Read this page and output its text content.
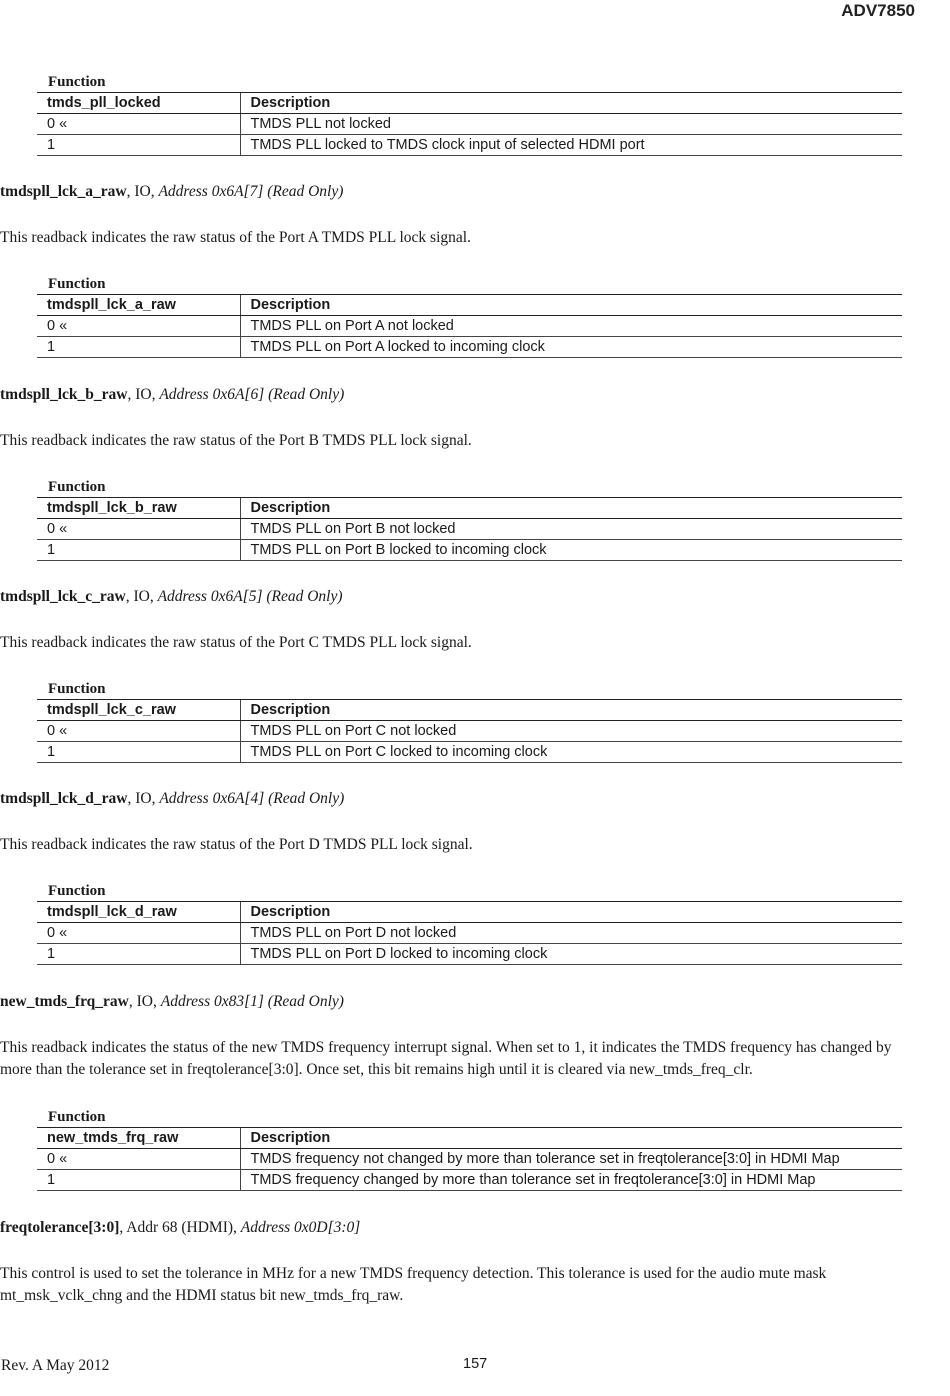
ADV7850
Function
tmds_pll_locked	Description
0 «	TMDS PLL not locked
1	TMDS PLL locked to TMDS clock input of selected HDMI port
tmdspll_lck_a_raw, IO, Address 0x6A[7] (Read Only)
This readback indicates the raw status of the Port A TMDS PLL lock signal.
Function
tmdspll_lck_a_raw	Description
0 «	TMDS PLL on Port A not locked
1	TMDS PLL on Port A locked to incoming clock
tmdspll_lck_b_raw, IO, Address 0x6A[6] (Read Only)
This readback indicates the raw status of the Port B TMDS PLL lock signal.
Function
tmdspll_lck_b_raw	Description
0 «	TMDS PLL on Port B not locked
1	TMDS PLL on Port B locked to incoming clock
tmdspll_lck_c_raw, IO, Address 0x6A[5] (Read Only)
This readback indicates the raw status of the Port C TMDS PLL lock signal.
Function
tmdspll_lck_c_raw	Description
0 «	TMDS PLL on Port C not locked
1	TMDS PLL on Port C locked to incoming clock
tmdspll_lck_d_raw, IO, Address 0x6A[4] (Read Only)
This readback indicates the raw status of the Port D TMDS PLL lock signal.
Function
tmdspll_lck_d_raw	Description
0 «	TMDS PLL on Port D not locked
1	TMDS PLL on Port D locked to incoming clock
new_tmds_frq_raw, IO, Address 0x83[1] (Read Only)
This readback indicates the status of the new TMDS frequency interrupt signal. When set to 1, it indicates the TMDS frequency has changed by more than the tolerance set in freqtolerance[3:0]. Once set, this bit remains high until it is cleared via new_tmds_freq_clr.
Function
new_tmds_frq_raw	Description
0 «	TMDS frequency not changed by more than tolerance set in freqtolerance[3:0] in HDMI Map
1	TMDS frequency changed by more than tolerance set in freqtolerance[3:0] in HDMI Map
freqtolerance[3:0], Addr 68 (HDMI), Address 0x0D[3:0]
This control is used to set the tolerance in MHz for a new TMDS frequency detection. This tolerance is used for the audio mute mask mt_msk_vclk_chng and the HDMI status bit new_tmds_frq_raw.
Rev. A May 2012	157
